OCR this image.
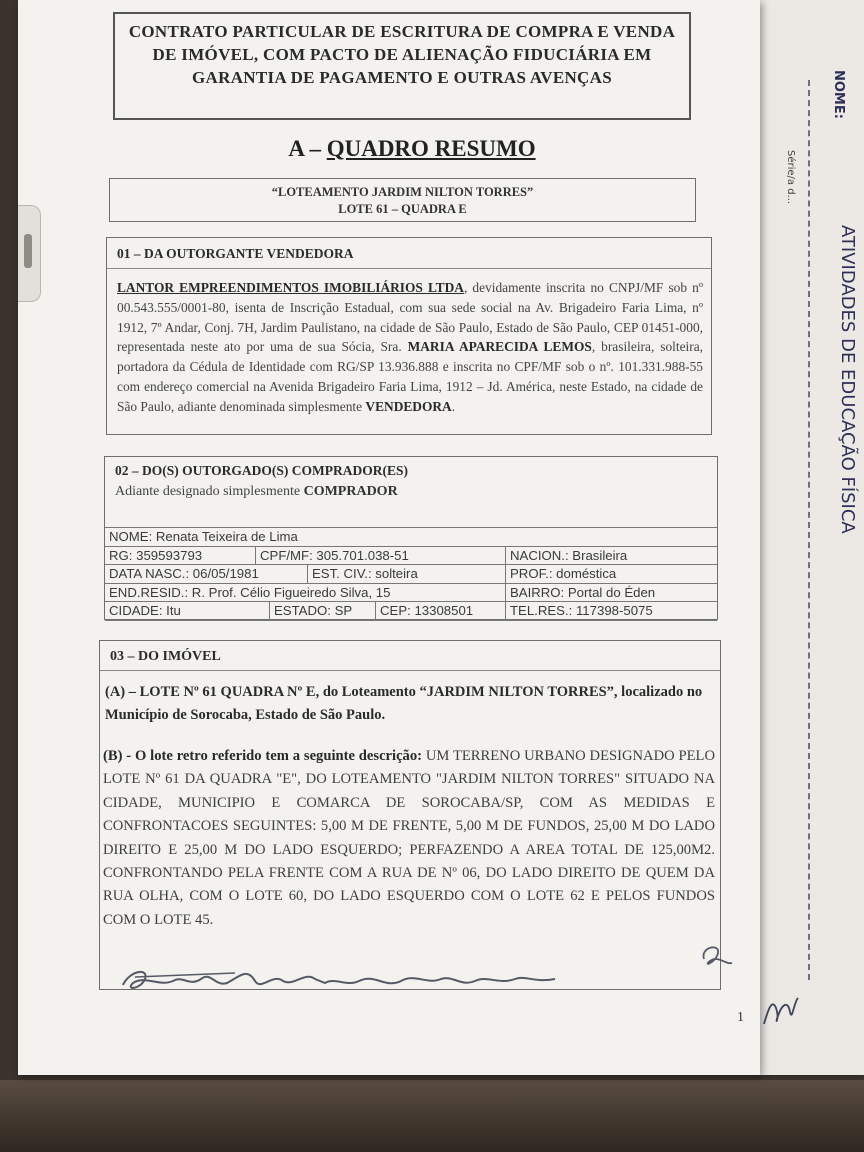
NOME:
Série/a d...
ATIVIDADES DE EDUCAÇÃO FÍSICA
CONTRATO PARTICULAR DE ESCRITURA DE COMPRA E VENDA DE IMÓVEL, COM PACTO DE ALIENAÇÃO FIDUCIÁRIA EM GARANTIA DE PAGAMENTO E OUTRAS AVENÇAS
A – QUADRO RESUMO
“LOTEAMENTO JARDIM NILTON TORRES”
LOTE 61 – QUADRA E
01 – DA OUTORGANTE VENDEDORA
LANTOR EMPREENDIMENTOS IMOBILIÁRIOS LTDA, devidamente inscrita no CNPJ/MF sob nº 00.543.555/0001-80, isenta de Inscrição Estadual, com sua sede social na Av. Brigadeiro Faria Lima, nº 1912, 7º Andar, Conj. 7H, Jardim Paulistano, na cidade de São Paulo, Estado de São Paulo, CEP 01451-000, representada neste ato por uma de sua Sócia, Sra. MARIA APARECIDA LEMOS, brasileira, solteira, portadora da Cédula de Identidade com RG/SP 13.936.888 e inscrita no CPF/MF sob o nº. 101.331.988-55 com endereço comercial na Avenida Brigadeiro Faria Lima, 1912 – Jd. América, neste Estado, na cidade de São Paulo, adiante denominada simplesmente VENDEDORA.
02 – DO(S) OUTORGADO(S) COMPRADOR(ES)
Adiante designado simplesmente COMPRADOR
NOME: Renata Teixeira de Lima
RG: 359593793	CPF/MF: 305.701.038-51	NACION.: Brasileira
DATA NASC.: 06/05/1981	EST. CIV.: solteira	PROF.: doméstica
END.RESID.: R. Prof. Célio Figueiredo Silva, 15	BAIRRO: Portal do Éden
CIDADE: Itu	ESTADO: SP CEP: 13308501	TEL.RES.: 117398-5075
03 – DO IMÓVEL
(A) – LOTE Nº 61 QUADRA Nº E, do Loteamento “JARDIM NILTON TORRES”, localizado no Município de Sorocaba, Estado de São Paulo.
(B) - O lote retro referido tem a seguinte descrição: UM TERRENO URBANO DESIGNADO PELO LOTE Nº 61 DA QUADRA "E", DO LOTEAMENTO "JARDIM NILTON TORRES" SITUADO NA CIDADE, MUNICIPIO E COMARCA DE SOROCABA/SP, COM AS MEDIDAS E CONFRONTACOES SEGUINTES: 5,00 M DE FRENTE, 5,00 M DE FUNDOS, 25,00 M DO LADO DIREITO E 25,00 M DO LADO ESQUERDO; PERFAZENDO A AREA TOTAL DE 125,00M2. CONFRONTANDO PELA FRENTE COM A RUA DE Nº 06, DO LADO DIREITO DE QUEM DA RUA OLHA, COM O LOTE 60, DO LADO ESQUERDO COM O LOTE 62 E PELOS FUNDOS COM O LOTE 45.
1
